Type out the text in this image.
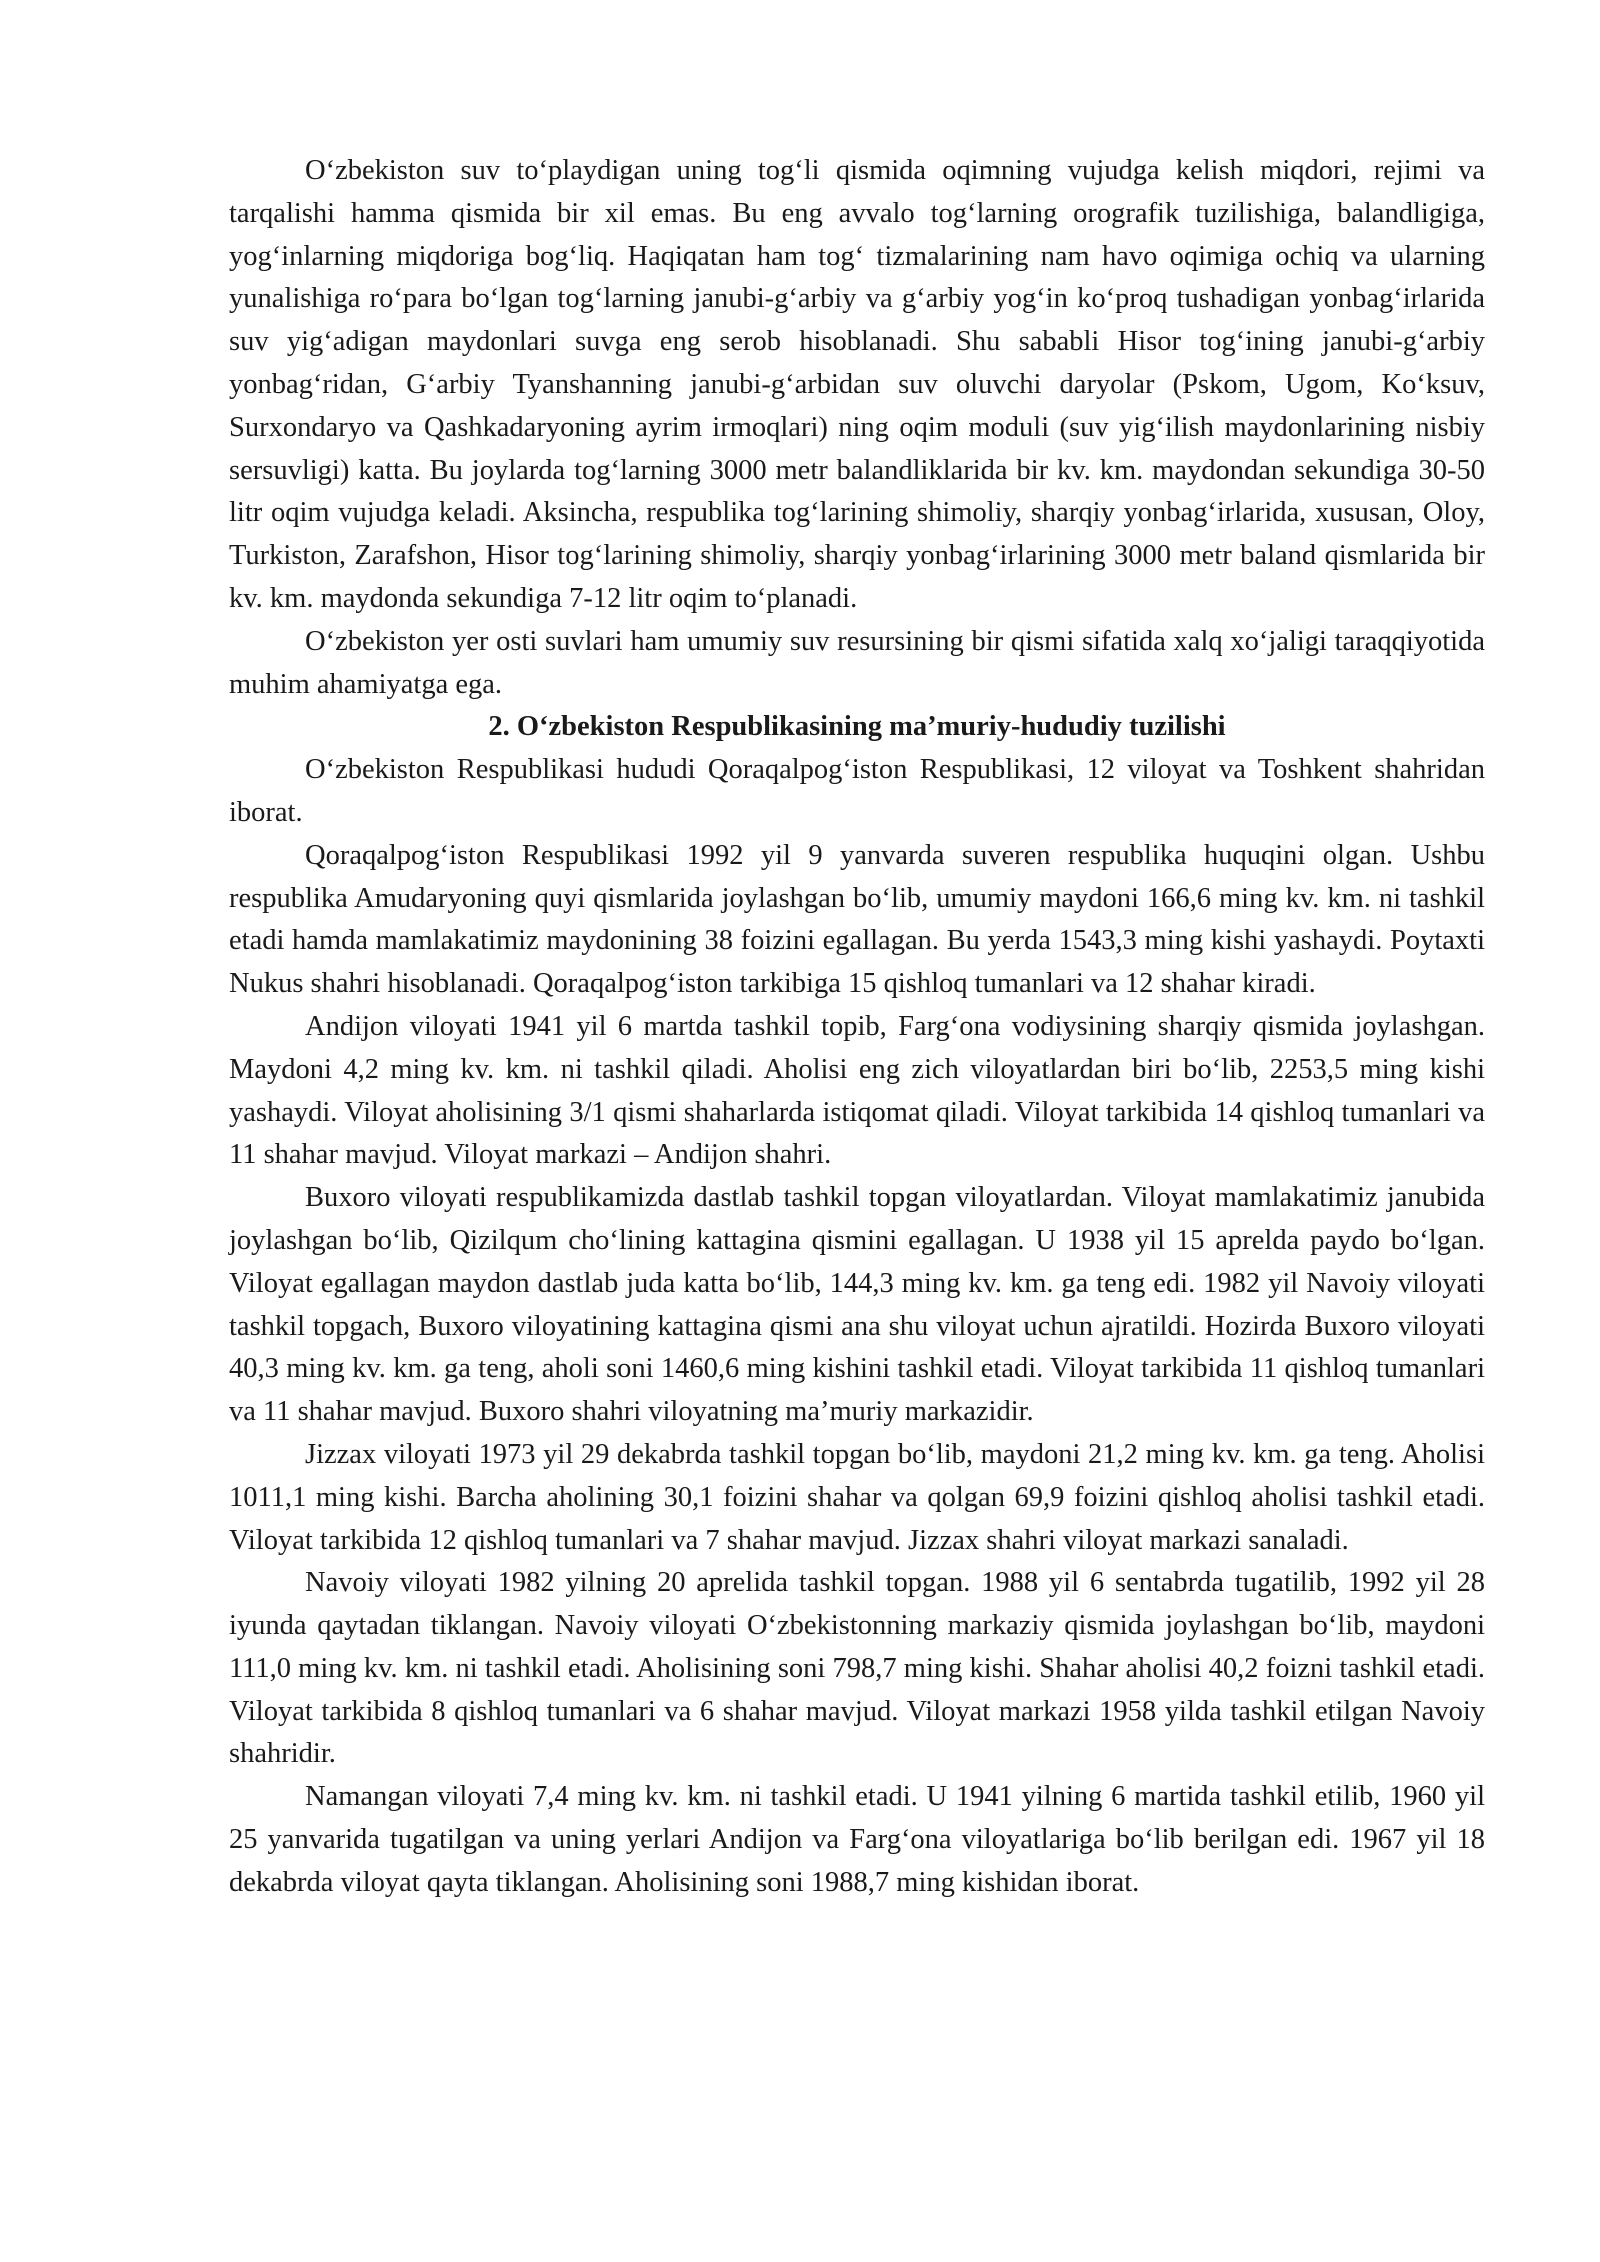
O‘zbekiston suv to‘playdigan uning tog‘li qismida oqimning vujudga kelish miqdori, rejimi va tarqalishi hamma qismida bir xil emas. Bu eng avvalo tog‘larning orografik tuzilishiga, balandligiga, yog‘inlarning miqdoriga bog‘liq. Haqiqatan ham tog‘ tizmalarining nam havo oqimiga ochiq va ularning yunalishiga ro‘para bo‘lgan tog‘larning janubi-g‘arbiy va g‘arbiy yog‘in ko‘proq tushadigan yonbag‘irlarida suv yig‘adigan maydonlari suvga eng serob hisoblanadi. Shu sababli Hisor tog‘ining janubi-g‘arbiy yonbag‘ridan, G‘arbiy Tyanshanning janubi-g‘arbidan suv oluvchi daryolar (Pskom, Ugom, Ko‘ksuv, Surxondaryo va Qashkadaryoning ayrim irmoqlari) ning oqim moduli (suv yig‘ilish maydonlarining nisbiy sersuvligi) katta. Bu joylarda tog‘larning 3000 metr balandliklarida bir kv. km. maydondan sekundiga 30-50 litr oqim vujudga keladi. Aksincha, respublika tog‘larining shimoliy, sharqiy yonbag‘irlarida, xususan, Oloy, Turkiston, Zarafshon, Hisor tog‘larining shimoliy, sharqiy yonbag‘irlarining 3000 metr baland qismlarida bir kv. km. maydonda sekundiga 7-12 litr oqim to‘planadi.

O‘zbekiston yer osti suvlari ham umumiy suv resursining bir qismi sifatida xalq xo‘jaligi taraqqiyotida muhim ahamiyatga ega.

2. O‘zbekiston Respublikasining ma’muriy-hududiy tuzilishi

O‘zbekiston Respublikasi hududi Qoraqalpog‘iston Respublikasi, 12 viloyat va Toshkent shahridan iborat.

Qoraqalpog‘iston Respublikasi 1992 yil 9 yanvarda suveren respublika huquqini olgan. Ushbu respublika Amudaryoning quyi qismlarida joylashgan bo‘lib, umumiy maydoni 166,6 ming kv. km. ni tashkil etadi hamda mamlakatimiz maydonining 38 foizini egallagan. Bu yerda 1543,3 ming kishi yashaydi. Poytaxti Nukus shahri hisoblanadi. Qoraqalpog‘iston tarkibiga 15 qishloq tumanlari va 12 shahar kiradi.

Andijon viloyati 1941 yil 6 martda tashkil topib, Farg‘ona vodiysining sharqiy qismida joylashgan. Maydoni 4,2 ming kv. km. ni tashkil qiladi. Aholisi eng zich viloyatlardan biri bo‘lib, 2253,5 ming kishi yashaydi. Viloyat aholisining 3/1 qismi shaharlarda istiqomat qiladi. Viloyat tarkibida 14 qishloq tumanlari va 11 shahar mavjud. Viloyat markazi – Andijon shahri.

Buxoro viloyati respublikamizda dastlab tashkil topgan viloyatlardan. Viloyat mamlakatimiz janubida joylashgan bo‘lib, Qizilqum cho‘lining kattagina qismini egallagan. U 1938 yil 15 aprelda paydo bo‘lgan. Viloyat egallagan maydon dastlab juda katta bo‘lib, 144,3 ming kv. km. ga teng edi. 1982 yil Navoiy viloyati tashkil topgach, Buxoro viloyatining kattagina qismi ana shu viloyat uchun ajratildi. Hozirda Buxoro viloyati 40,3 ming kv. km. ga teng, aholi soni 1460,6 ming kishini tashkil etadi. Viloyat tarkibida 11 qishloq tumanlari va 11 shahar mavjud. Buxoro shahri viloyatning ma’muriy markazidir.

Jizzax viloyati 1973 yil 29 dekabrda tashkil topgan bo‘lib, maydoni 21,2 ming kv. km. ga teng. Aholisi 1011,1 ming kishi. Barcha aholining 30,1 foizini shahar va qolgan 69,9 foizini qishloq aholisi tashkil etadi. Viloyat tarkibida 12 qishloq tumanlari va 7 shahar mavjud. Jizzax shahri viloyat markazi sanaladi.

Navoiy viloyati 1982 yilning 20 aprelida tashkil topgan. 1988 yil 6 sentabrda tugatilib, 1992 yil 28 iyunda qaytadan tiklangan. Navoiy viloyati O‘zbekistonning markaziy qismida joylashgan bo‘lib, maydoni 111,0 ming kv. km. ni tashkil etadi. Aholisining soni 798,7 ming kishi. Shahar aholisi 40,2 foizni tashkil etadi. Viloyat tarkibida 8 qishloq tumanlari va 6 shahar mavjud. Viloyat markazi 1958 yilda tashkil etilgan Navoiy shahridir.

Namangan viloyati 7,4 ming kv. km. ni tashkil etadi. U 1941 yilning 6 martida tashkil etilib, 1960 yil 25 yanvarida tugatilgan va uning yerlari Andijon va Farg‘ona viloyatlariga bo‘lib berilgan edi. 1967 yil 18 dekabrda viloyat qayta tiklangan. Aholisining soni 1988,7 ming kishidan iborat.
